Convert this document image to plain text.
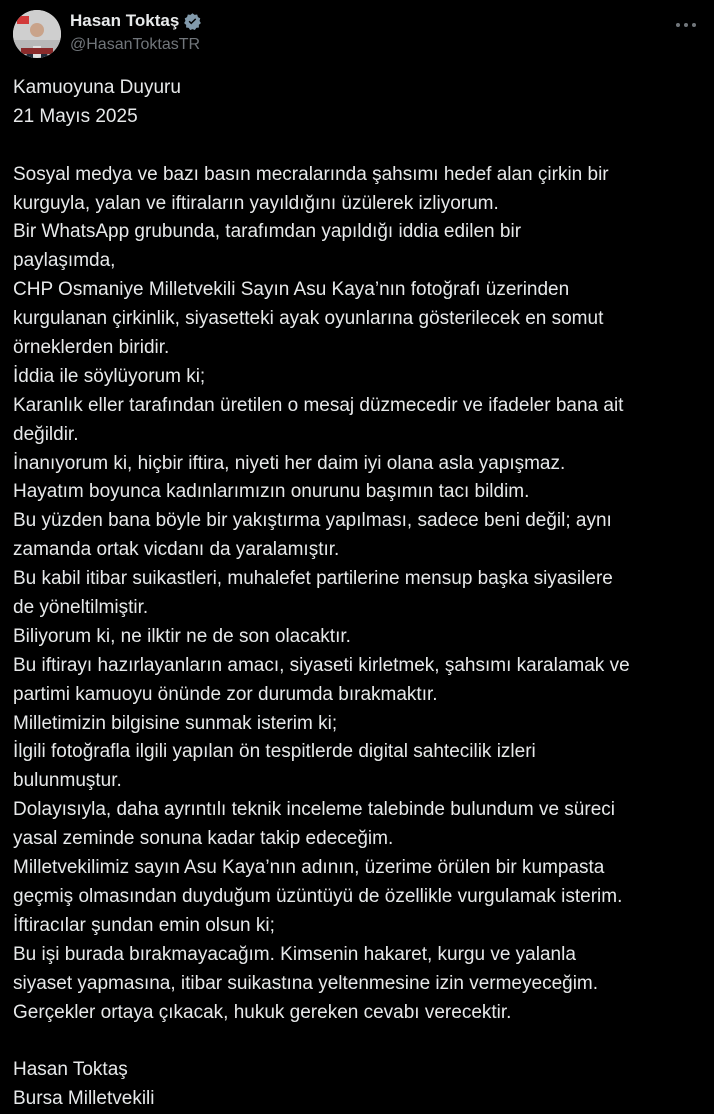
Hasan Toktaş
@HasanToktasTR
Kamuoyuna Duyuru
21 Mayıs 2025
Sosyal medya ve bazı basın mecralarında şahsımı hedef alan çirkin bir
kurguyla, yalan ve iftiraların yayıldığını üzülerek izliyorum.
Bir WhatsApp grubunda, tarafımdan yapıldığı iddia edilen bir
paylaşımda,
CHP Osmaniye Milletvekili Sayın Asu Kaya’nın fotoğrafı üzerinden
kurgulanan çirkinlik, siyasetteki ayak oyunlarına gösterilecek en somut
örneklerden biridir.
İddia ile söylüyorum ki;
Karanlık eller tarafından üretilen o mesaj düzmecedir ve ifadeler bana ait
değildir.
İnanıyorum ki, hiçbir iftira, niyeti her daim iyi olana asla yapışmaz.
Hayatım boyunca kadınlarımızın onurunu başımın tacı bildim.
Bu yüzden bana böyle bir yakıştırma yapılması, sadece beni değil; aynı
zamanda ortak vicdanı da yaralamıştır.
Bu kabil itibar suikastleri, muhalefet partilerine mensup başka siyasilere
de yöneltilmiştir.
Biliyorum ki, ne ilktir ne de son olacaktır.
Bu iftirayı hazırlayanların amacı, siyaseti kirletmek, şahsımı karalamak ve
partimi kamuoyu önünde zor durumda bırakmaktır.
Milletimizin bilgisine sunmak isterim ki;
İlgili fotoğrafla ilgili yapılan ön tespitlerde digital sahtecilik izleri
bulunmuştur.
Dolayısıyla, daha ayrıntılı teknik inceleme talebinde bulundum ve süreci
yasal zeminde sonuna kadar takip edeceğim.
Milletvekilimiz sayın Asu Kaya’nın adının, üzerime örülen bir kumpasta
geçmiş olmasından duyduğum üzüntüyü de özellikle vurgulamak isterim.
İftiracılar şundan emin olsun ki;
Bu işi burada bırakmayacağım. Kimsenin hakaret, kurgu ve yalanla
siyaset yapmasına, itibar suikastına yeltenmesine izin vermeyeceğim.
Gerçekler ortaya çıkacak, hukuk gereken cevabı verecektir.
Hasan Toktaş
Bursa Milletvekili
